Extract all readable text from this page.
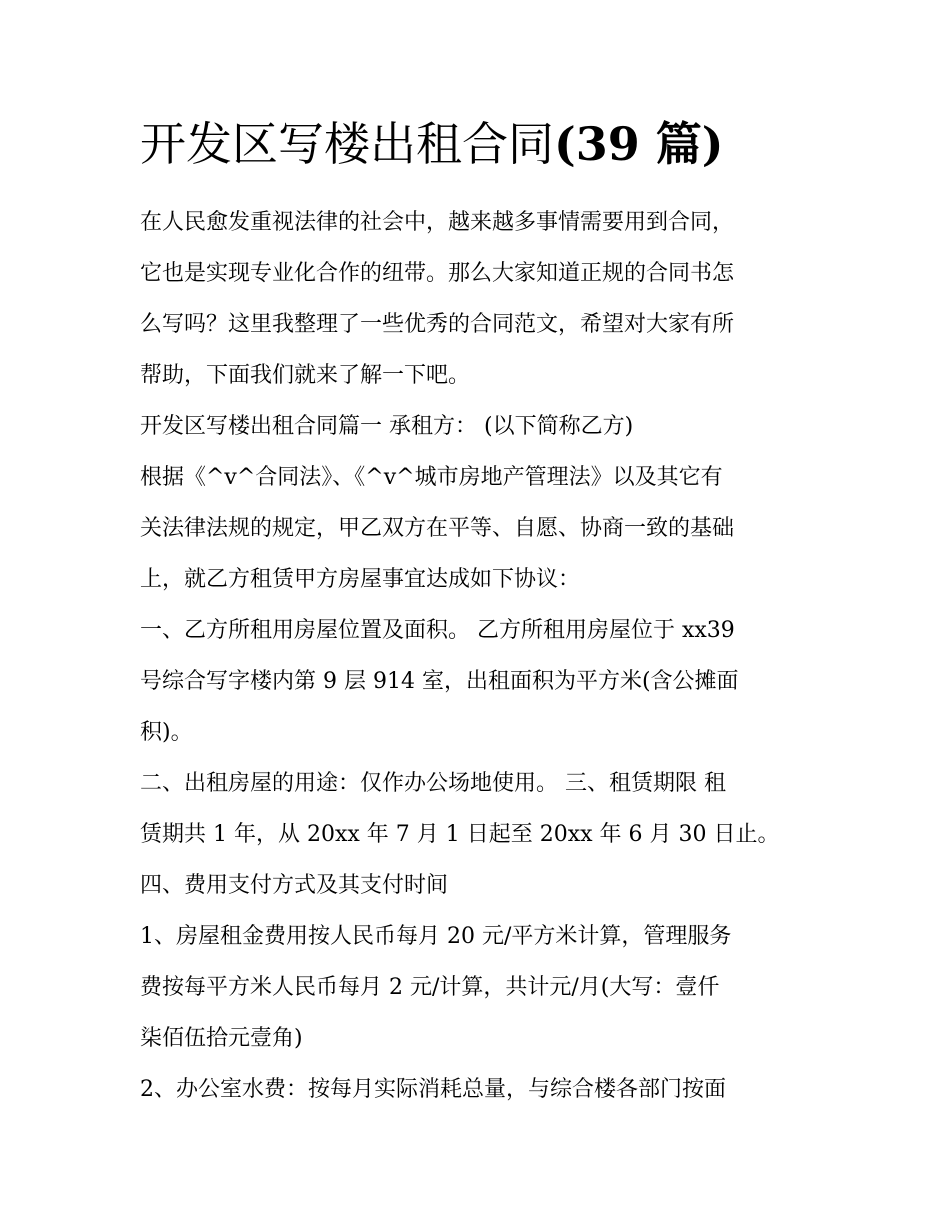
开发区写楼出租合同(39 篇)
在人民愈发重视法律的社会中，越来越多事情需要用到合同，
它也是实现专业化合作的纽带。那么大家知道正规的合同书怎
么写吗？这里我整理了一些优秀的合同范文，希望对大家有所
帮助，下面我们就来了解一下吧。
开发区写楼出租合同篇一 承租方： (以下简称乙方)
根据《^v^合同法》、《^v^城市房地产管理法》以及其它有
关法律法规的规定，甲乙双方在平等、自愿、协商一致的基础
上，就乙方租赁甲方房屋事宜达成如下协议：
一、乙方所租用房屋位置及面积。 乙方所租用房屋位于 xx39
号综合写字楼内第 9 层 914 室，出租面积为平方米(含公摊面
积)。
二、出租房屋的用途：仅作办公场地使用。 三、租赁期限 租
赁期共 1 年，从 20xx 年 7 月 1 日起至 20xx 年 6 月 30 日止。
四、费用支付方式及其支付时间
1、房屋租金费用按人民币每月 20 元/平方米计算，管理服务
费按每平方米人民币每月 2 元/计算，共计元/月(大写：壹仟
柒佰伍拾元壹角)
2、办公室水费：按每月实际消耗总量，与综合楼各部门按面
